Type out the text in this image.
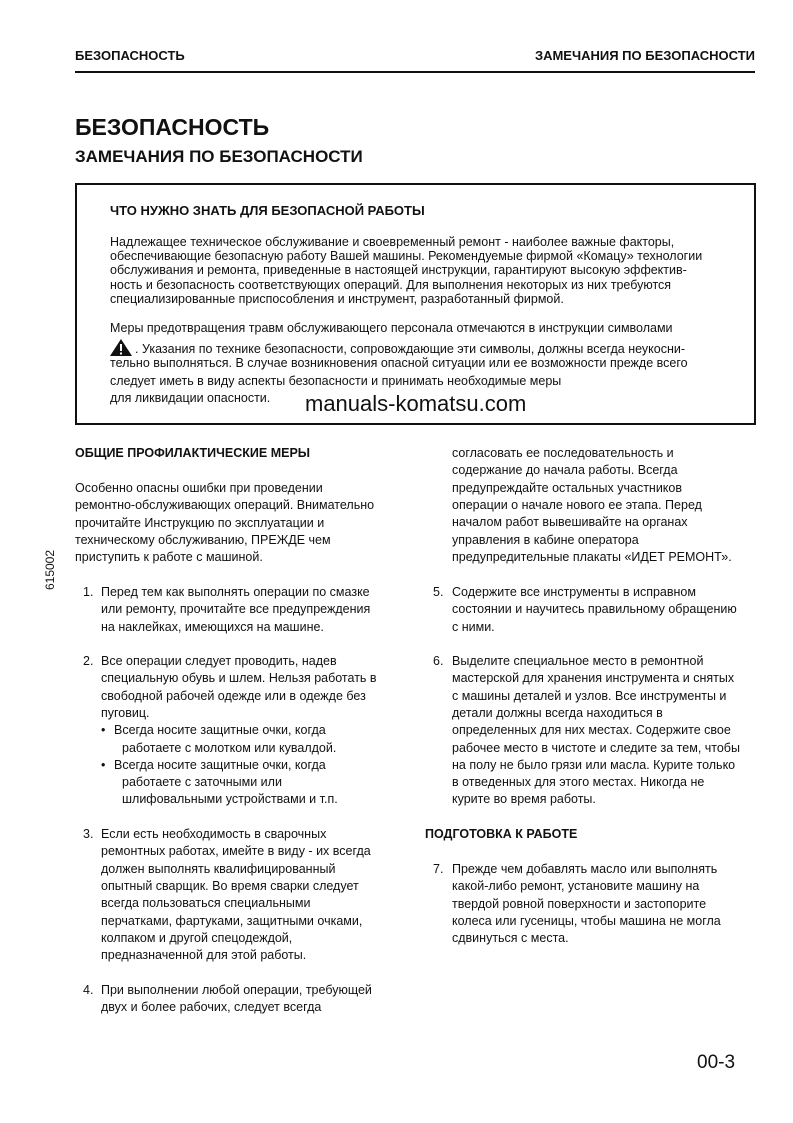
БЕЗОПАСНОСТЬ	ЗАМЕЧАНИЯ ПО БЕЗОПАСНОСТИ
БЕЗОПАСНОСТЬ
ЗАМЕЧАНИЯ ПО БЕЗОПАСНОСТИ
ЧТО НУЖНО ЗНАТЬ ДЛЯ БЕЗОПАСНОЙ РАБОТЫ
615002
ОБЩИЕ ПРОФИЛАКТИЧЕСКИЕ МЕРЫ
ПОДГОТОВКА К РАБОТЕ
Надлежащее техническое обслуживание и своевременный ремонт - наиболее важные факторы,
обеспечивающие безопасную работу Вашей машины. Рекомендуемые фирмой «Комацу» технологии
обслуживания и ремонта, приведенные в настоящей инструкции, гарантируют высокую эффектив-
ность и безопасность соответствующих операций. Для выполнения некоторых из них требуются
специализированные приспособления и инструмент, разработанный фирмой.
Меры предотвращения травм обслуживающего персонала отмечаются в инструкции символами
. Указания по технике безопасности, сопровождающие эти символы, должны всегда неукосни-
тельно выполняться. В случае возникновения опасной ситуации или ее возможности прежде всего
следует иметь в виду аспекты безопасности и принимать необходимые меры
для ликвидации опасности.
Особенно опасны ошибки при проведении
ремонтно-обслуживающих операций. Внимательно
прочитайте Инструкцию по эксплуатации и
техническому обслуживанию, ПРЕЖДЕ чем
приступить к работе с машиной.
1. Перед тем как выполнять операции по смазке
или ремонту, прочитайте все предупреждения
на наклейках, имеющихся на машине.
2. Все операции следует проводить, надев
специальную обувь и шлем. Нельзя работать в
свободной рабочей одежде или в одежде без
пуговиц.
• Всегда носите защитные очки, когда
работаете с молотком или кувалдой.
• Всегда носите защитные очки, когда
работаете с заточными или
шлифовальными устройствами и т.п.
3. Если есть необходимость в сварочных
ремонтных работах, имейте в виду - их всегда
должен выполнять квалифицированный
опытный сварщик. Во время сварки следует
всегда пользоваться специальными
перчатками, фартуками, защитными очками,
колпаком и другой спецодеждой,
предназначенной для этой работы.
4. При выполнении любой операции, требующей
двух и более рабочих, следует всегда
согласовать ее последовательность и
содержание до начала работы. Всегда
предупреждайте остальных участников
операции о начале нового ее этапа. Перед
началом работ вывешивайте на органах
управления в кабине оператора
предупредительные плакаты «ИДЕТ РЕМОНТ».
5. Содержите все инструменты в исправном
состоянии и научитесь правильному обращению
с ними.
6. Выделите специальное место в ремонтной
мастерской для хранения инструмента и снятых
с машины деталей и узлов. Все инструменты и
детали должны всегда находиться в
определенных для них местах. Содержите свое
рабочее место в чистоте и следите за тем, чтобы
на полу не было грязи или масла. Курите только
в отведенных для этого местах. Никогда не
курите во время работы.
7. Прежде чем добавлять масло или выполнять
какой-либо ремонт, установите машину на
твердой ровной поверхности и застопорите
колеса или гусеницы, чтобы машина не могла
сдвинуться с места.
manuals-komatsu.com
00-3
